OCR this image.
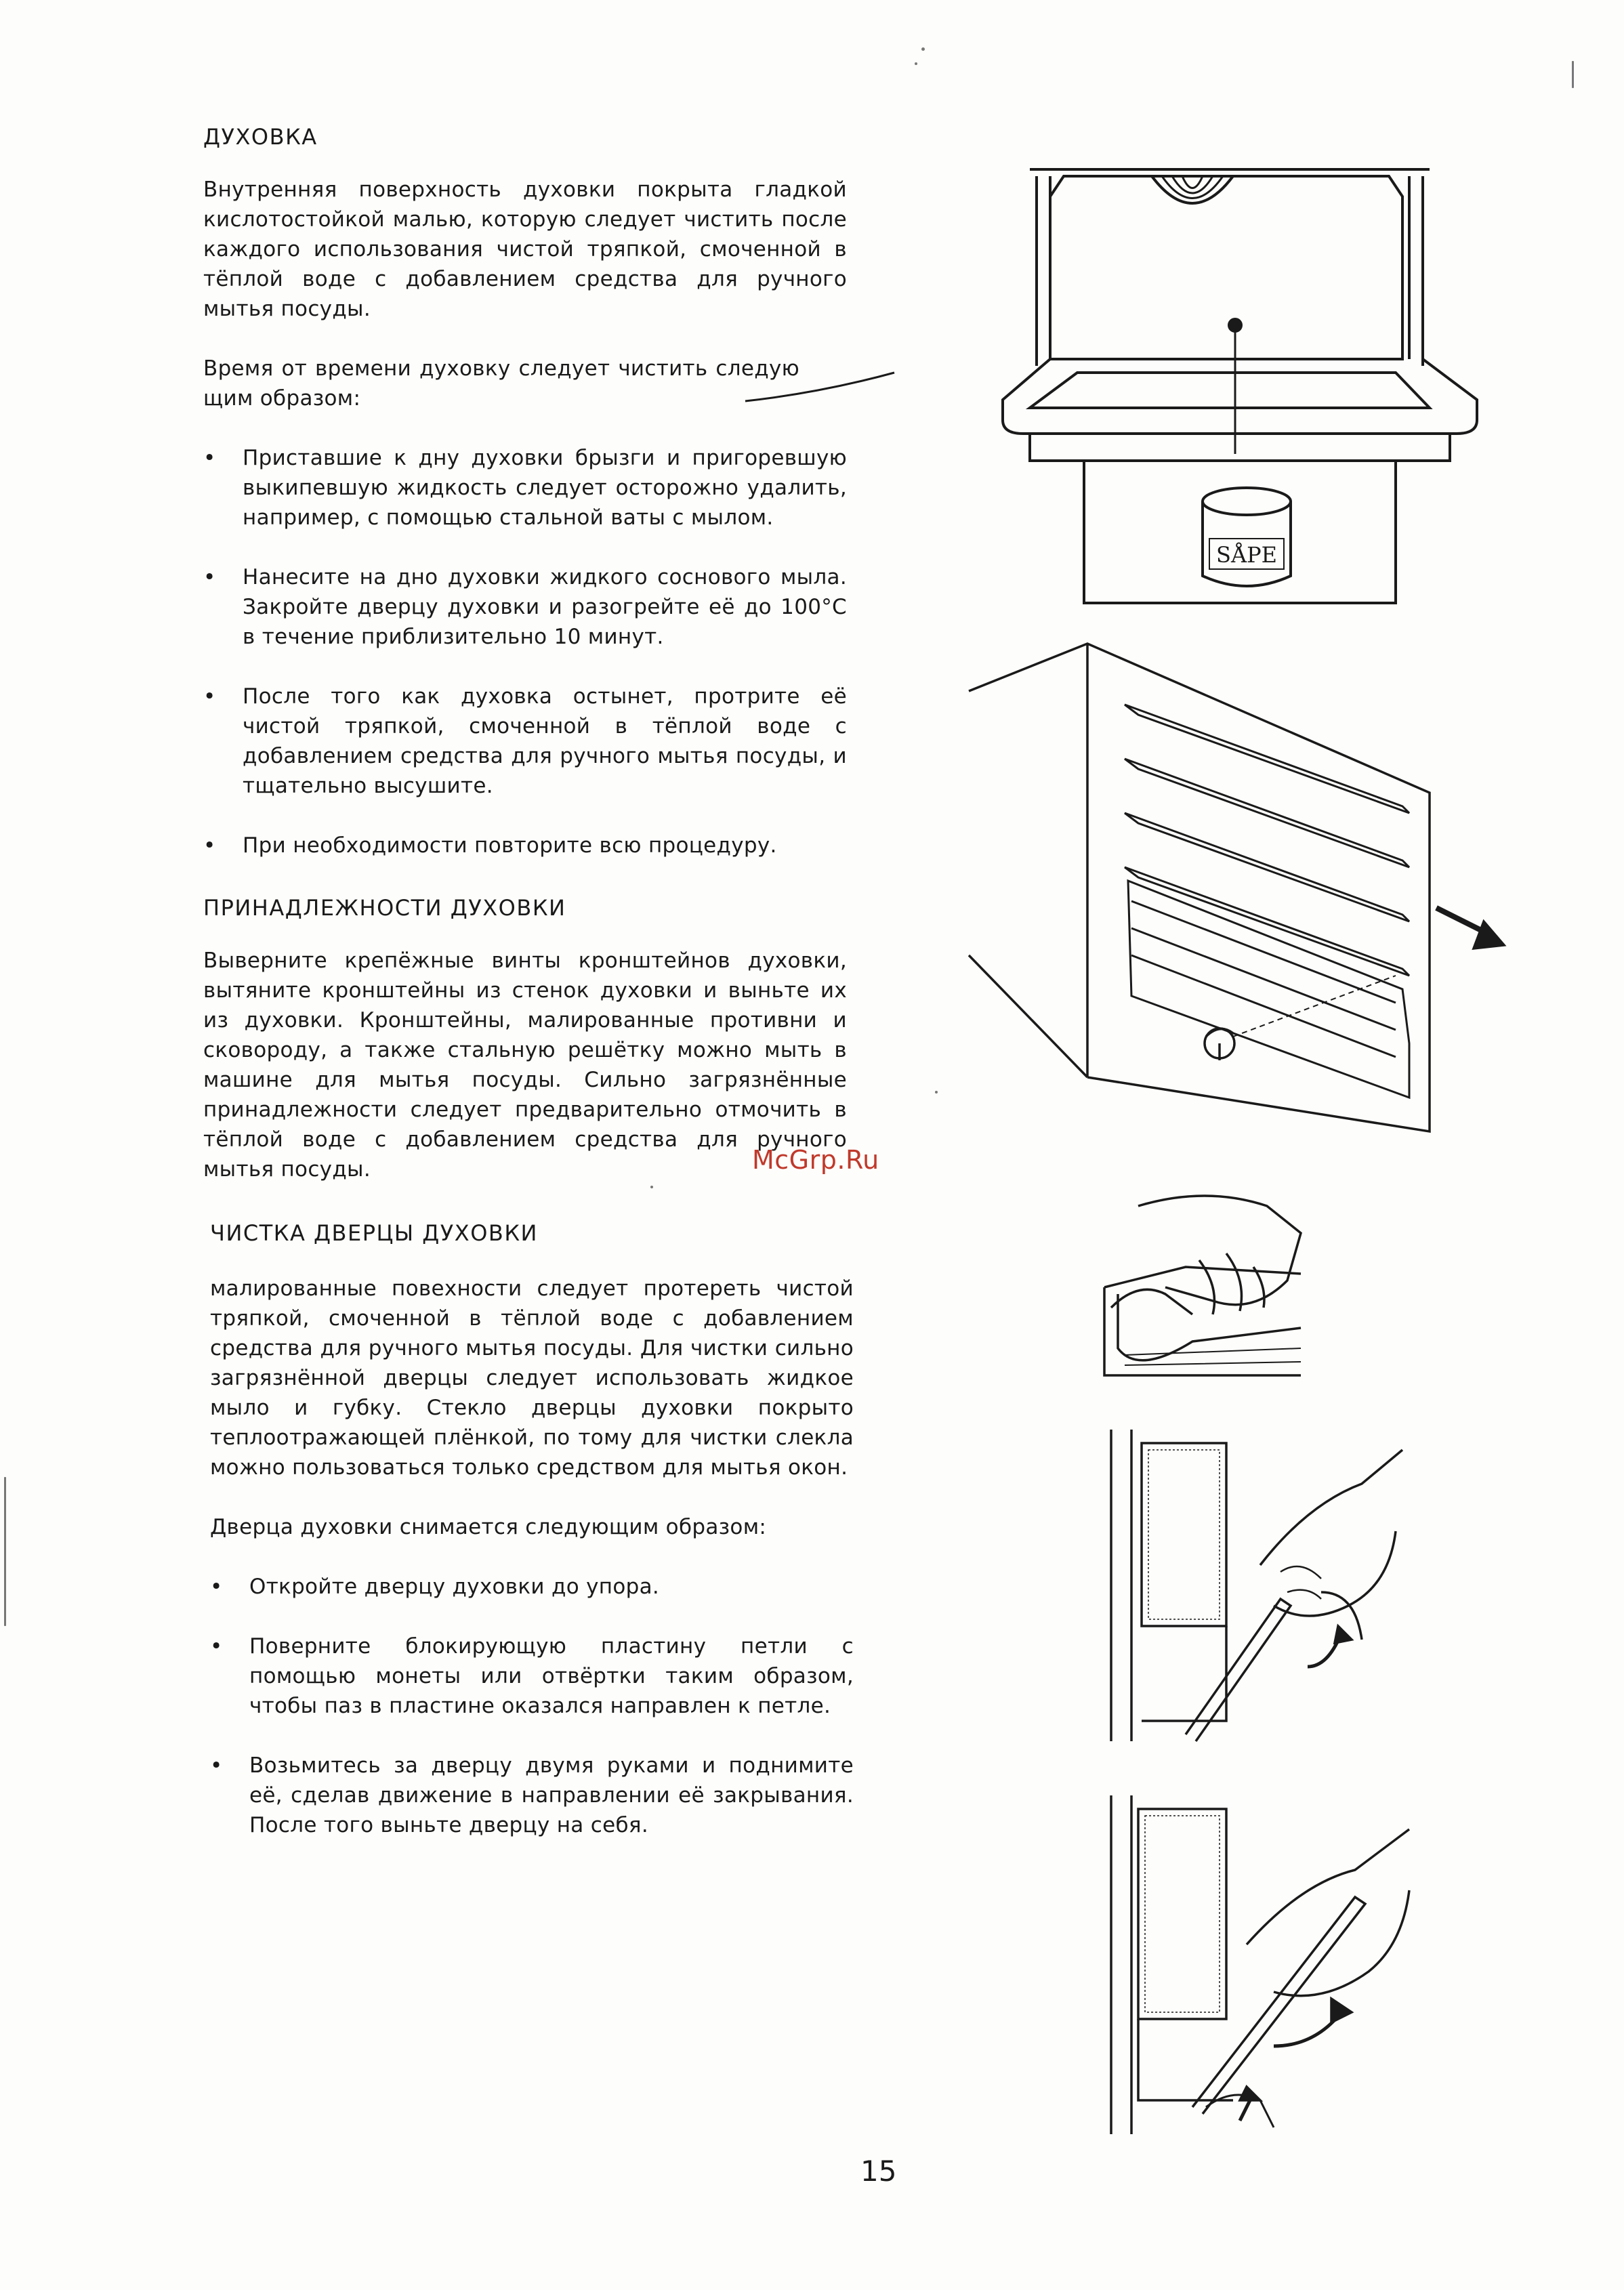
ДУХОВКА

Внутренняя поверхность духовки покрыта гладкой кислотостойкой малью, которую следует чистить после каждого использования чистой тряпкой, смоченной в тёплой воде с добавлением средства для ручного мытья посуды.

Время от времени духовку следует чистить следую щим образом:

• Приставшие к дну духовки брызги и пригоревшую выкипевшую жидкость следует осторожно удалить, например, с помощью стальной ваты с мылом.
• Нанесите на дно духовки жидкого соснового мыла. Закройте дверцу духовки и разогрейте её до 100°С в течение приблизительно 10 минут.
• После того как духовка остынет, протрите её чистой тряпкой, смоченной в тёплой воде с добавлением средства для ручного мытья посуды, и тщательно высушите.
• При необходимости повторите всю процедуру.
ПРИНАДЛЕЖНОСТИ ДУХОВКИ

Выверните крепёжные винты кронштейнов духовки, вытяните кронштейны из стенок духовки и выньте их из духовки. Кронштейны, малированные противни и сковороду, а также стальную решётку можно мыть в машине для мытья посуды. Сильно загрязнённые принадлежности следует предварительно отмочить в тёплой воде с добавлением средства для ручного мытья посуды.

ЧИСТКА ДВЕРЦЫ ДУХОВКИ

малированные повехности следует протереть чистой тряпкой, смоченной в тёплой воде с добавлением средства для ручного мытья посуды. Для чистки сильно загрязнённой дверцы следует использовать жидкое мыло и губку. Стекло дверцы духовки покрыто теплоотражающей плёнкой, по тому для чистки слекла можно пользоваться только средством для мытья окон.

Дверца духовки снимается следующим образом:

• Откройте дверцу духовки до упора.
• Поверните блокирующую пластину петли с помощью монеты или отвёртки таким образом, чтобы паз в пластине оказался направлен к петле.
• Возьмитесь за дверцу двумя руками и поднимите её, сделав движение в направлении её закрывания. После того выньте дверцу на себя.
SÅPE
McGrp.Ru
15
